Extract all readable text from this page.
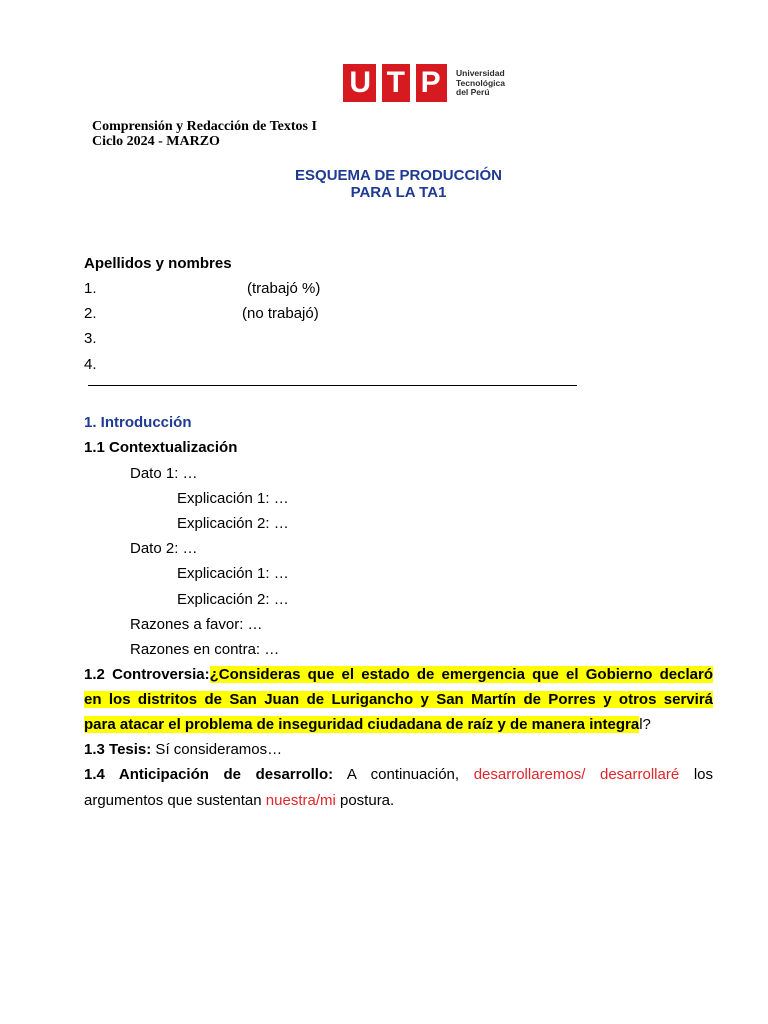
U T P Universidad
Tecnológica
del Perú
Comprensión y Redacción de Textos I
Ciclo 2024 - MARZO
ESQUEMA DE PRODUCCIÓN
PARA LA TA1
Apellidos y nombres
1.	(trabajó %)
2.	(no trabajó)
3.
4.
1. Introducción
1.1 Contextualización
Dato 1: …
Explicación 1: …
Explicación 2: …
Dato 2: …
Explicación 1: …
Explicación 2: …
Razones a favor: …
Razones en contra: …
1.2 Controversia:¿Consideras que el estado de emergencia que el Gobierno declaró
en los distritos de San Juan de Lurigancho y San Martín de Porres y otros servirá
para atacar el problema de inseguridad ciudadana de raíz y de manera integral?
1.3 Tesis: Sí consideramos…
1.4 Anticipación de desarrollo: A continuación, desarrollaremos/ desarrollaré los
argumentos que sustentan nuestra/mi postura.
